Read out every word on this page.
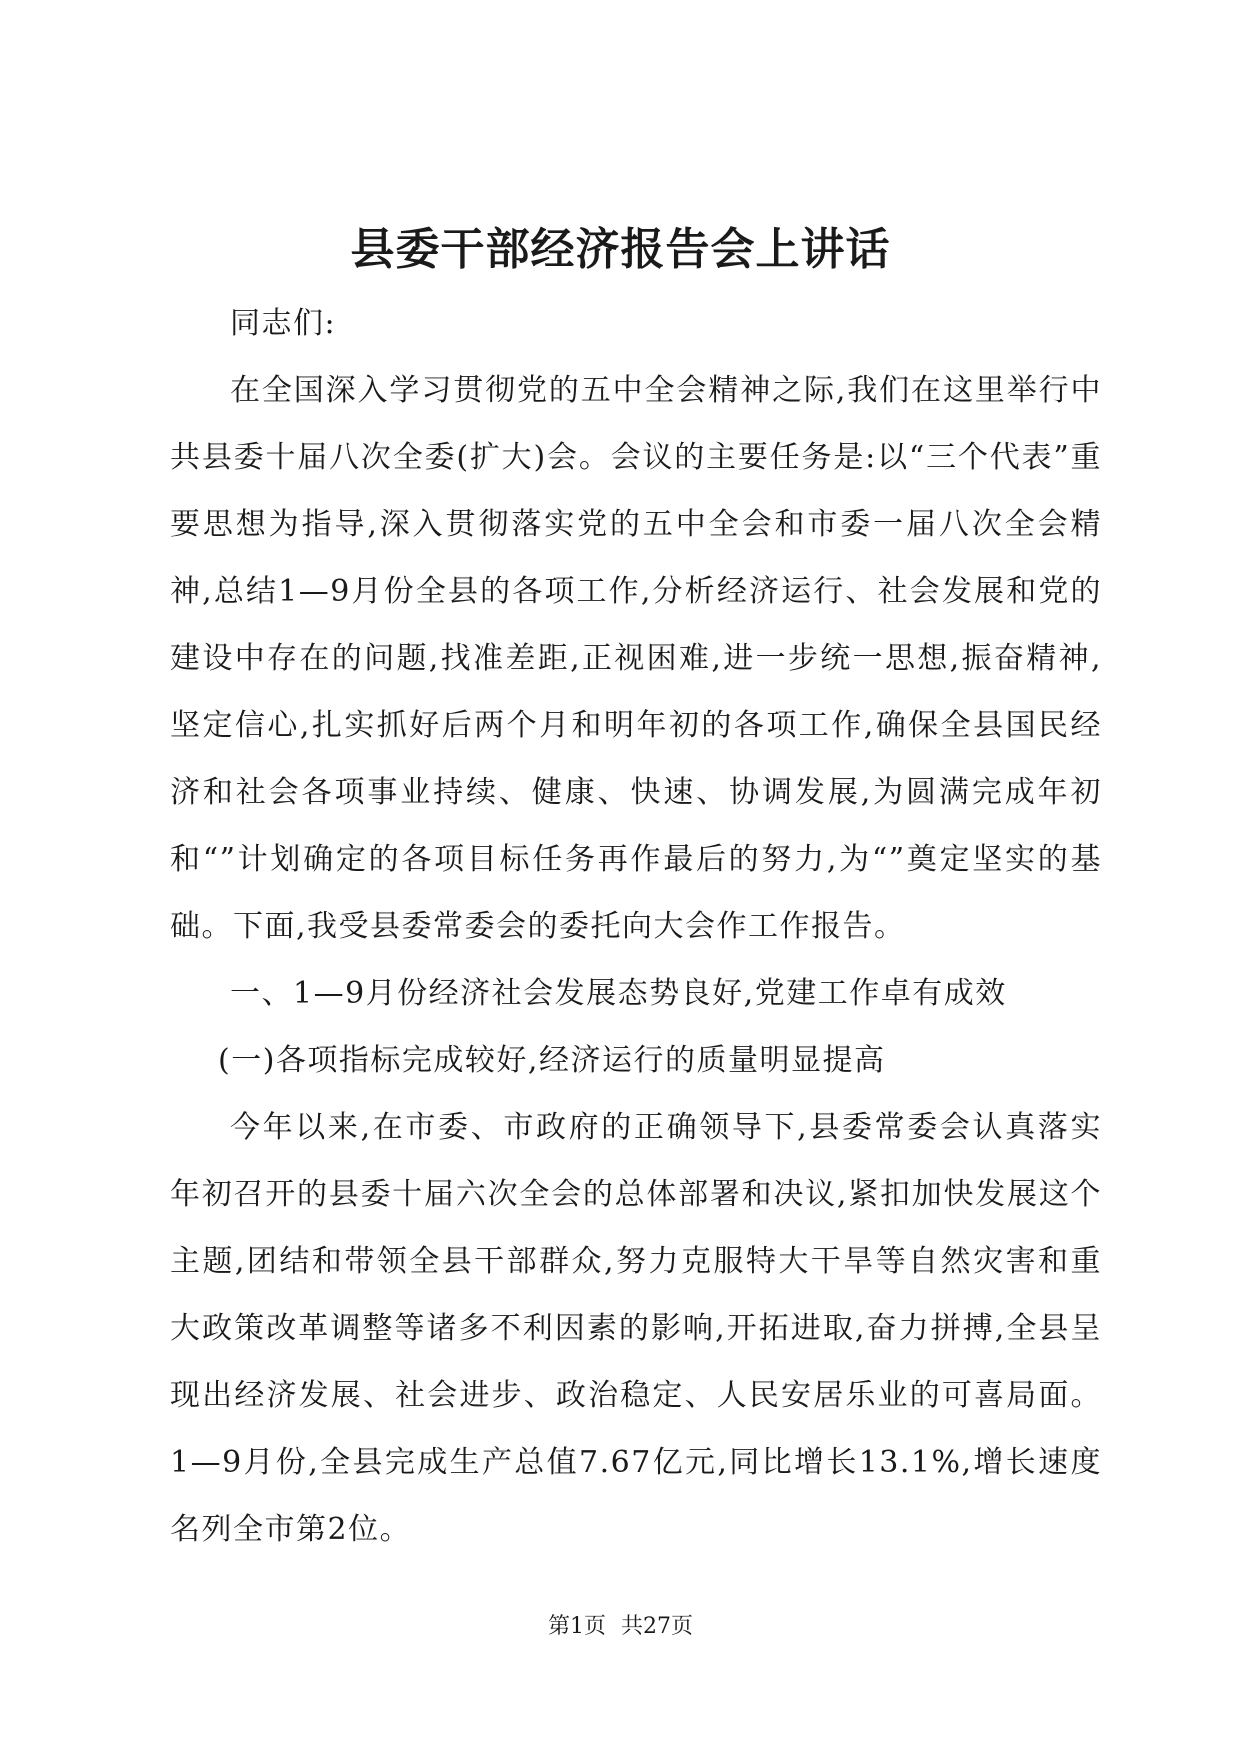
县委干部经济报告会上讲话

同志们:

在全国深入学习贯彻党的五中全会精神之际,我们在这里举行中共县委十届八次全委(扩大)会。会议的主要任务是:以“三个代表”重要思想为指导,深入贯彻落实党的五中全会和市委一届八次全会精神,总结1—9月份全县的各项工作,分析经济运行、社会发展和党的建设中存在的问题,找准差距,正视困难,进一步统一思想,振奋精神,坚定信心,扎实抓好后两个月和明年初的各项工作,确保全县国民经济和社会各项事业持续、健康、快速、协调发展,为圆满完成年初和“”计划确定的各项目标任务再作最后的努力,为“”奠定坚实的基础。下面,我受县委常委会的委托向大会作工作报告。

一、1—9月份经济社会发展态势良好,党建工作卓有成效

(一)各项指标完成较好,经济运行的质量明显提高

今年以来,在市委、市政府的正确领导下,县委常委会认真落实年初召开的县委十届六次全会的总体部署和决议,紧扣加快发展这个主题,团结和带领全县干部群众,努力克服特大干旱等自然灾害和重大政策改革调整等诸多不利因素的影响,开拓进取,奋力拼搏,全县呈现出经济发展、社会进步、政治稳定、人民安居乐业的可喜局面。1—9月份,全县完成生产总值7.67亿元,同比增长13.1%,增长速度名列全市第2位。

第1页 共27页
